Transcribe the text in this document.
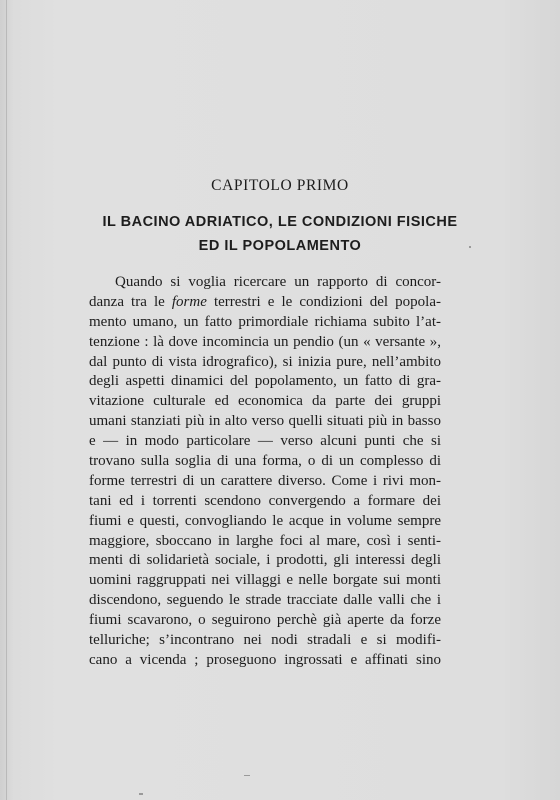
CAPITOLO PRIMO
IL BACINO ADRIATICO, LE CONDIZIONI FISICHE
ED IL POPOLAMENTO
Quando si voglia ricercare un rapporto di concor-
danza tra le forme terrestri e le condizioni del popola-
mento umano, un fatto primordiale richiama subito l’at-
tenzione : là dove incomincia un pendio (un « versante »,
dal punto di vista idrografico), si inizia pure, nell’ambito
degli aspetti dinamici del popolamento, un fatto di gra-
vitazione culturale ed economica da parte dei gruppi
umani stanziati più in alto verso quelli situati più in basso
e — in modo particolare — verso alcuni punti che si
trovano sulla soglia di una forma, o di un complesso di
forme terrestri di un carattere diverso. Come i rivi mon-
tani ed i torrenti scendono convergendo a formare dei
fiumi e questi, convogliando le acque in volume sempre
maggiore, sboccano in larghe foci al mare, così i senti-
menti di solidarietà sociale, i prodotti, gli interessi degli
uomini raggruppati nei villaggi e nelle borgate sui monti
discendono, seguendo le strade tracciate dalle valli che i
fiumi scavarono, o seguirono perchè già aperte da forze
telluriche; s’incontrano nei nodi stradali e si modifi-
cano a vicenda ; proseguono ingrossati e affinati sino
